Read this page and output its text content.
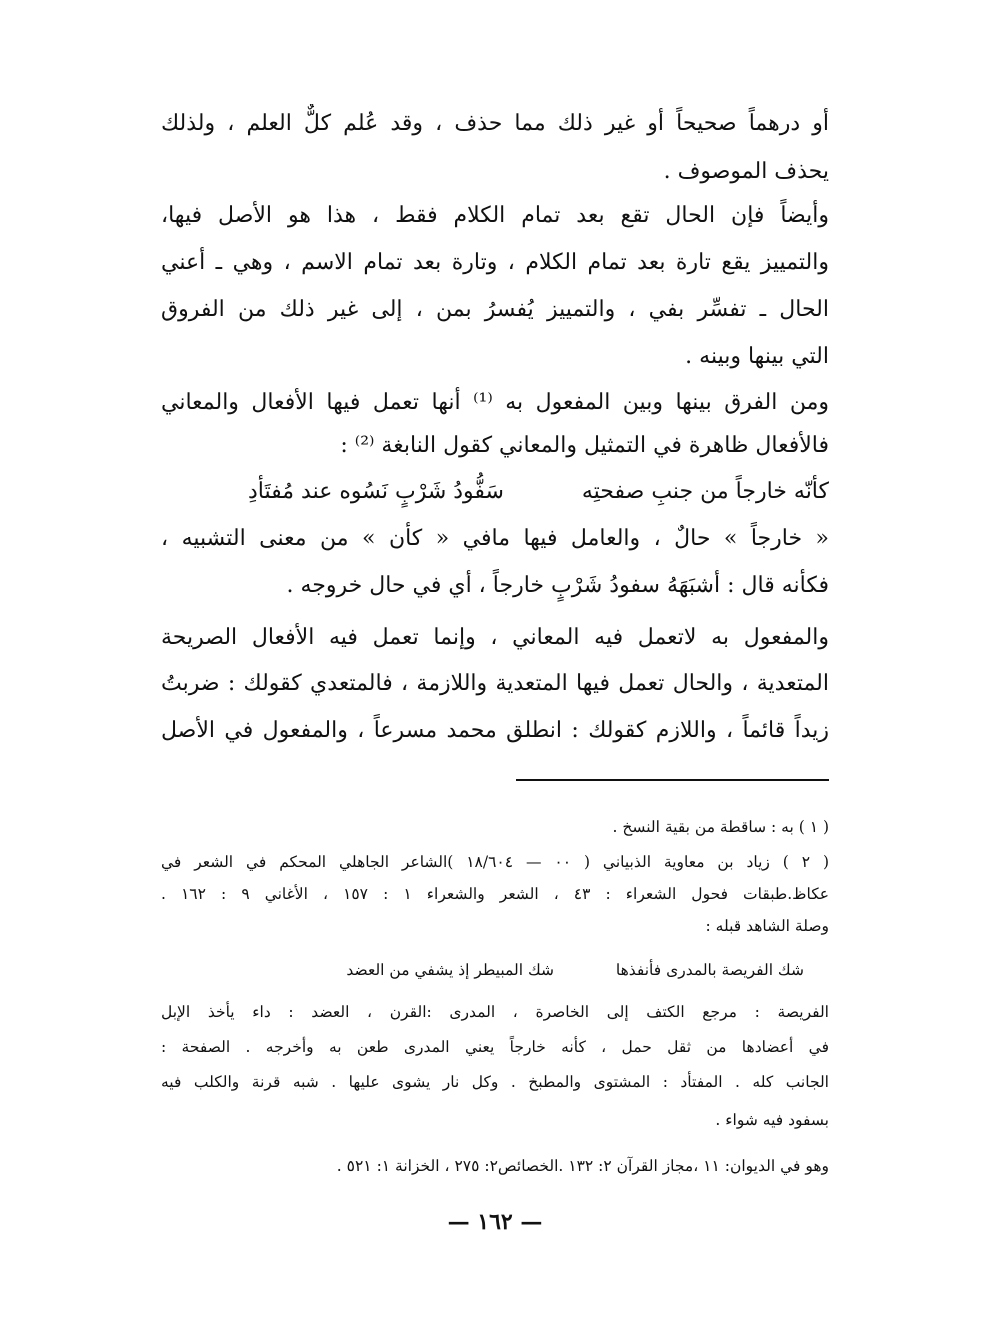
أو درهماً صحيحاً أو غير ذلك مما حذف ، وقد عُلم كلٌّ العلم ، ولذلك
يحذف الموصوف .
وأيضاً فإن الحال تقع بعد تمام الكلام فقط ، هذا هو الأصل فيها،
والتمييز يقع تارة بعد تمام الكلام ، وتارة بعد تمام الاسم ، وهي ـ أعني
الحال ـ تفسِّر بفي ، والتمييز يُفسرُ بمن ، إلى غير ذلك من الفروق
التي بينها وبينه .
ومن الفرق بينها وبين المفعول به ⁽¹⁾ أنها تعمل فيها الأفعال والمعاني
فالأفعال ظاهرة في التمثيل والمعاني كقول النابغة ⁽²⁾ :
كأنّه خارجاً من جنبِ صفحتِه
سَفُّودُ شَرْبٍ نَسُوه عند مُفتَأدِ
« خارجاً » حالٌ ، والعامل فيها مافي « كأن » من معنى التشبيه ،
فكأنه قال : أشبَهَهُ سفودُ شَرْبٍ خارجاً ، أي في حال خروجه .
والمفعول به لاتعمل فيه المعاني ، وإنما تعمل فيه الأفعال الصريحة
المتعدية ، والحال تعمل فيها المتعدية واللازمة ، فالمتعدي كقولك : ضربتُ
زيداً قائماً ، واللازم كقولك : انطلق محمد مسرعاً ، والمفعول في الأصل
( ١ ) به : ساقطة من بقية النسخ .
( ٢ ) زياد بن معاوية الذبياني ( ٠٠ — ١٨/٦٠٤ )الشاعر الجاهلي المحكم في الشعر في
عكاظ.طبقات فحول الشعراء : ٤٣ ، الشعر والشعراء ١ : ١٥٧ ، الأغاني ٩ : ١٦٢ .
وصلة الشاهد قبله :
شك الفريصة بالمدرى فأنفذها
شك المبيطر إذ يشفي من العضد
الفريصة : مرجع الكتف إلى الخاصرة ، المدرى :القرن ، العضد : داء يأخذ الإبل
في أعضادها من ثقل حمل ، كأنه خارجاً يعني المدرى طعن به وأخرجه . الصفحة :
الجانب كله . المفتأد : المشتوى والمطبخ . وكل نار يشوى عليها . شبه قرنة والكلب فيه
بسفود فيه شواء .
وهو في الديوان: ١١ ،مجاز القرآن ٢: ١٣٢ .الخصائص٢: ٢٧٥ ، الخزانة ١: ٥٢١ .
— ١٦٢ —
